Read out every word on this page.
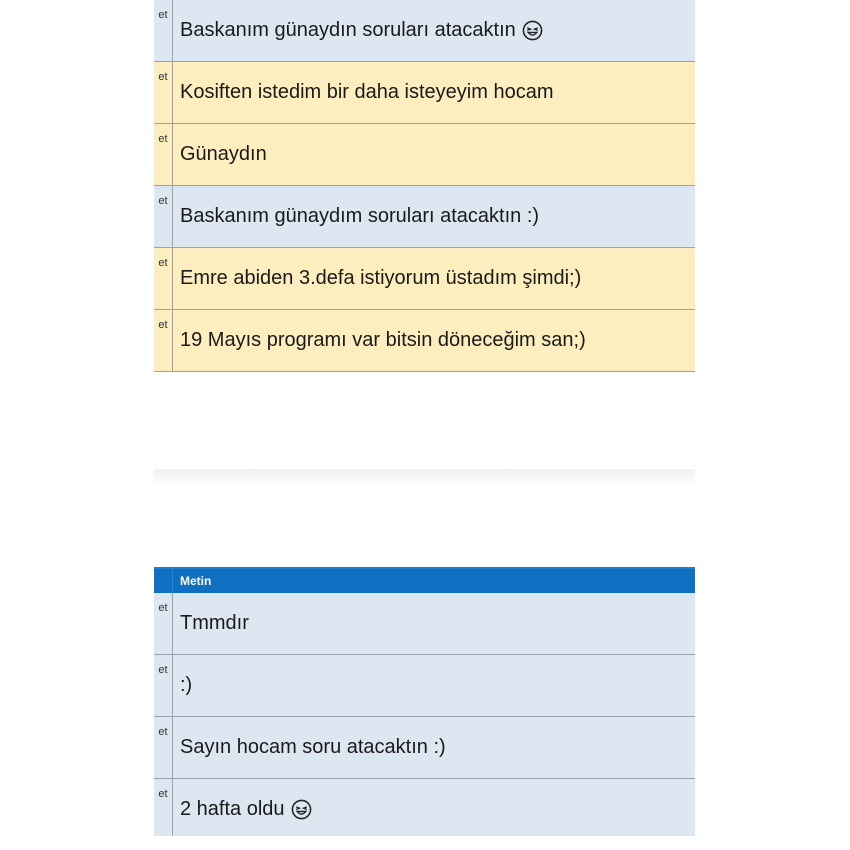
et
Baskanım günaydın soruları atacaktın
et
Kosiften istedim bir daha isteyeyim hocam
et
Günaydın
et
Baskanım günaydım soruları atacaktın :)
et
Emre abiden 3.defa istiyorum üstadım şimdi;)
et
19 Mayıs programı var bitsin döneceğim san;)
Metin
et
Tmmdır
et
:)
et
Sayın hocam soru atacaktın :)
et
2 hafta oldu
